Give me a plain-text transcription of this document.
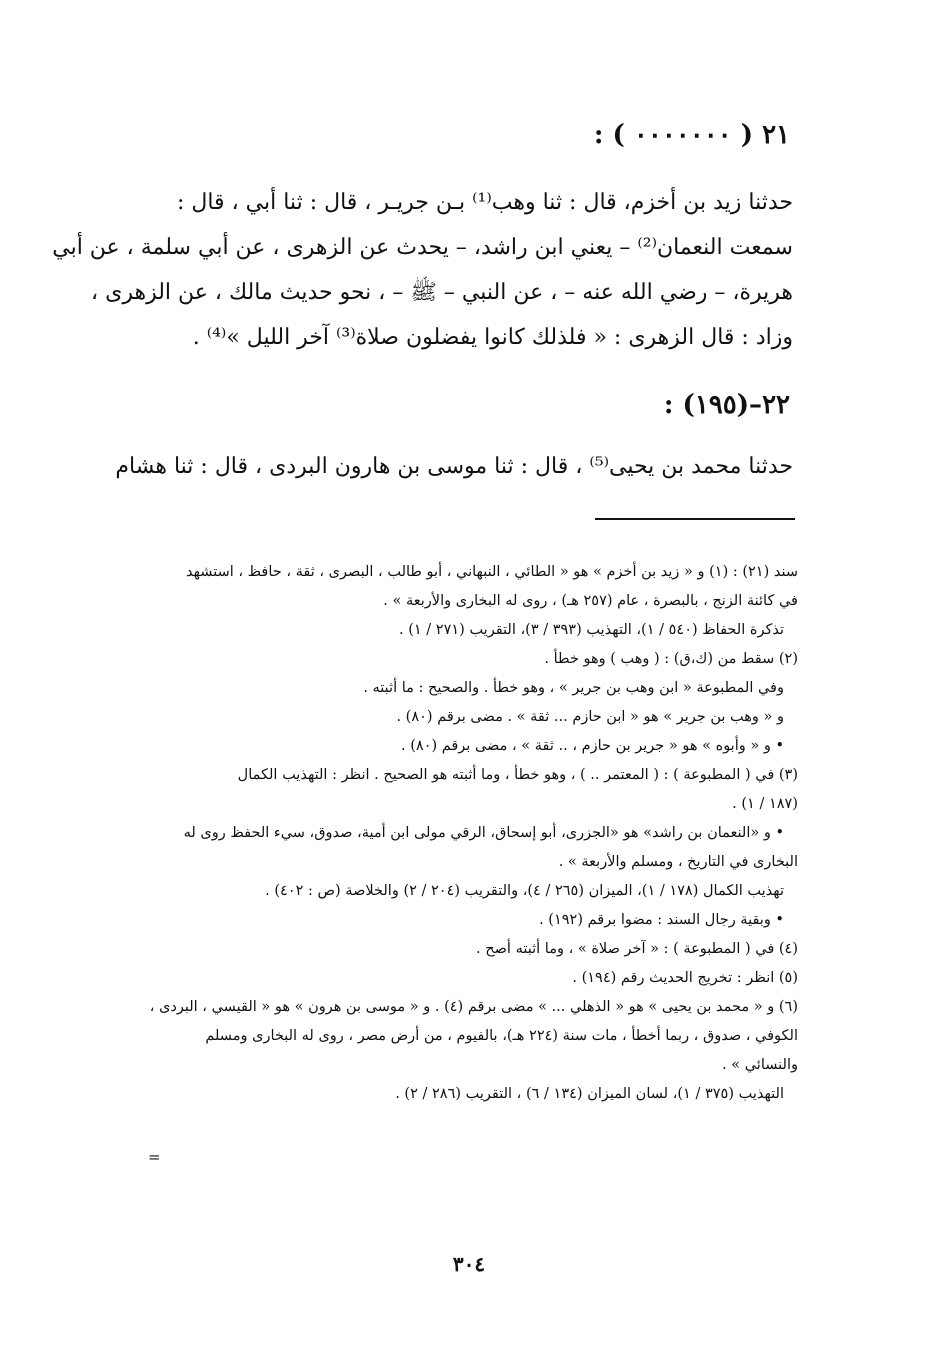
٢١ ( ٠٠٠٠٠٠٠ ) :
حدثنا زيد بن أخزم، قال : ثنا وهب⁽¹⁾ بـن جريـر ، قال : ثنا أبي ، قال :
سمعت النعمان⁽²⁾ – يعني ابن راشد، – يحدث عن الزهرى ، عن أبي سلمة ، عن أبي
هريرة، – رضي الله عنه – ، عن النبي – ﷺ – ، نحو حديث مالك ، عن الزهرى ،
وزاد : قال الزهرى : « فلذلك كانوا يفضلون صلاة⁽³⁾ آخر الليل »⁽⁴⁾ .
٢٢–(١٩٥) :
حدثنا محمد بن يحيى⁽⁵⁾ ، قال : ثنا موسى بن هارون البردى ، قال : ثنا هشام
سند (٢١) : (١) و « زيد بن أخزم » هو « الطائي ، النبهاني ، أبو طالب ، البصرى ، ثقة ، حافظ ، استشهد
في كائنة الزنج ، بالبصرة ، عام (٢٥٧ هـ) ، روى له البخارى والأربعة » .
تذكرة الحفاظ (٥٤٠ / ١)، التهذيب (٣٩٣ / ٣)، التقريب (٢٧١ / ١) .
(٢) سقط من (ك،ق) : ( وهب ) وهو خطأ .
وفي المطبوعة « ابن وهب بن جرير » ، وهو خطأ . والصحيح : ما أثبته .
و « وهب بن جرير » هو « ابن حازم ... ثقة » . مضى برقم (٨٠) .
• و « وأبوه » هو « جرير بن حازم ، .. ثقة » ، مضى برقم (٨٠) .
(٣) في ( المطبوعة ) : ( المعتمر .. ) ، وهو خطأ ، وما أثبته هو الصحيح . انظر : التهذيب الكمال
(١٨٧ / ١) .
• و «النعمان بن راشد» هو «الجزرى، أبو إسحاق، الرقي مولى ابن أمية، صدوق، سيء الحفظ روى له
البخارى في التاريخ ، ومسلم والأربعة » .
تهذيب الكمال (١٧٨ / ١)، الميزان (٢٦٥ / ٤)، والتقريب (٢٠٤ / ٢) والخلاصة (ص : ٤٠٢) .
• وبقية رجال السند : مضوا برقم (١٩٢) .
(٤) في ( المطبوعة ) : « آخر صلاة » ، وما أثبته أصح .
(٥) انظر : تخريج الحديث رقم (١٩٤) .
(٦) و « محمد بن يحيى » هو « الذهلي ... » مضى برقم (٤) . و « موسى بن هرون » هو « القيسي ، البردى ،
الكوفي ، صدوق ، ربما أخطأ ، مات سنة (٢٢٤ هـ)، بالفيوم ، من أرض مصر ، روى له البخارى ومسلم
والنسائي » .
التهذيب (٣٧٥ / ١)، لسان الميزان (١٣٤ / ٦) ، التقريب (٢٨٦ / ٢) .
=
٣٠٤
